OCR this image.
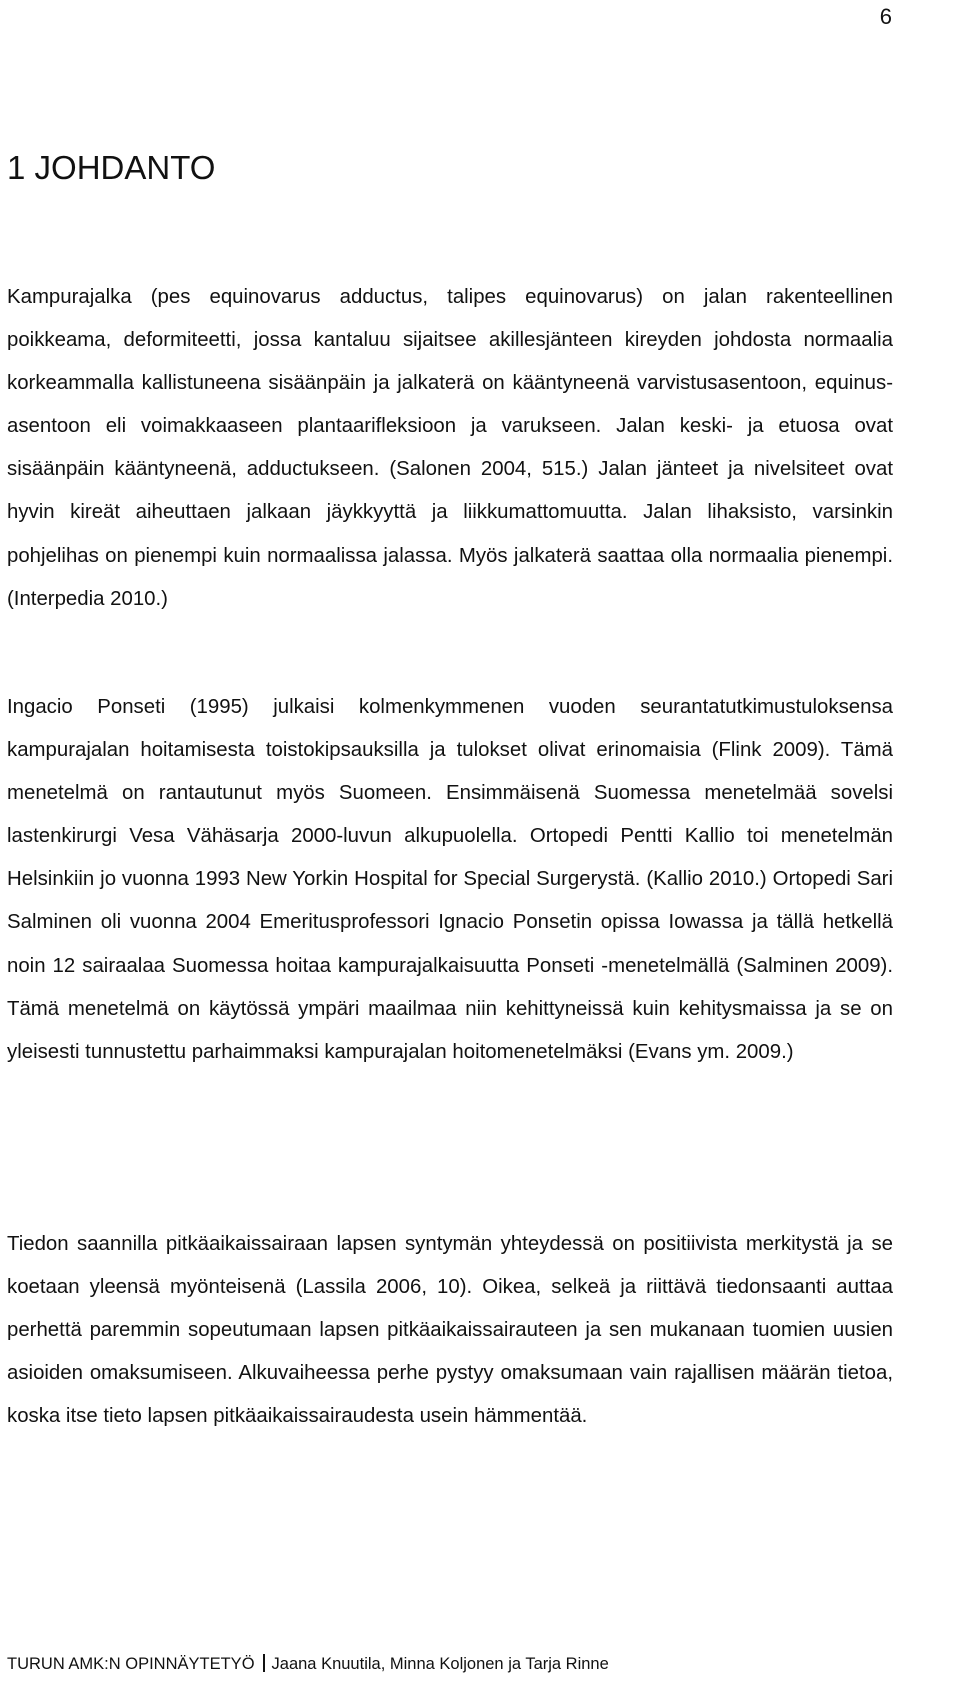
6
1 JOHDANTO

Kampurajalka (pes equinovarus adductus, talipes equinovarus) on jalan rakenteellinen poikkeama, deformiteetti, jossa kantaluu sijaitsee akillesjänteen kireyden johdosta normaalia korkeammalla kallistuneena sisäänpäin ja jalkaterä on kääntyneenä varvistusasentoon, equinus-asentoon eli voimakkaaseen plantaarifleksioon ja varukseen. Jalan keski- ja etuosa ovat sisäänpäin kääntyneenä, adductukseen. (Salonen 2004, 515.) Jalan jänteet ja nivelsiteet ovat hyvin kireät aiheuttaen jalkaan jäykkyyttä ja liikkumattomuutta. Jalan lihaksisto, varsinkin pohjelihas on pienempi kuin normaalissa jalassa. Myös jalkaterä saattaa olla normaalia pienempi. (Interpedia 2010.)

Ingacio Ponseti (1995) julkaisi kolmenkymmenen vuoden seurantatutkimustuloksensa kampurajalan hoitamisesta toistokipsauksilla ja tulokset olivat erinomaisia (Flink 2009). Tämä menetelmä on rantautunut myös Suomeen. Ensimmäisenä Suomessa menetelmää sovelsi lastenkirurgi Vesa Vähäsarja 2000-luvun alkupuolella. Ortopedi Pentti Kallio toi menetelmän Helsinkiin jo vuonna 1993 New Yorkin Hospital for Special Surgerystä. (Kallio 2010.) Ortopedi Sari Salminen oli vuonna 2004 Emeritusprofessori Ignacio Ponsetin opissa Iowassa ja tällä hetkellä noin 12 sairaalaa Suomessa hoitaa kampurajalkaisuutta Ponseti -menetelmällä (Salminen 2009). Tämä menetelmä on käytössä ympäri maailmaa niin kehittyneissä kuin kehitysmaissa ja se on yleisesti tunnustettu parhaimmaksi kampurajalan hoitomenetelmäksi (Evans ym. 2009.)

Tiedon saannilla pitkäaikaissairaan lapsen syntymän yhteydessä on positiivista merkitystä ja se koetaan yleensä myönteisenä (Lassila 2006, 10). Oikea, selkeä ja riittävä tiedonsaanti auttaa perhettä paremmin sopeutumaan lapsen pitkäaikaissairauteen ja sen mukanaan tuomien uusien asioiden omaksumiseen. Alkuvaiheessa perhe pystyy omaksumaan vain rajallisen määrän tietoa, koska itse tieto lapsen pitkäaikaissairaudesta usein hämmentää.

TURUN AMK:N OPINNÄYTETYÖ Jaana Knuutila, Minna Koljonen ja Tarja Rinne
